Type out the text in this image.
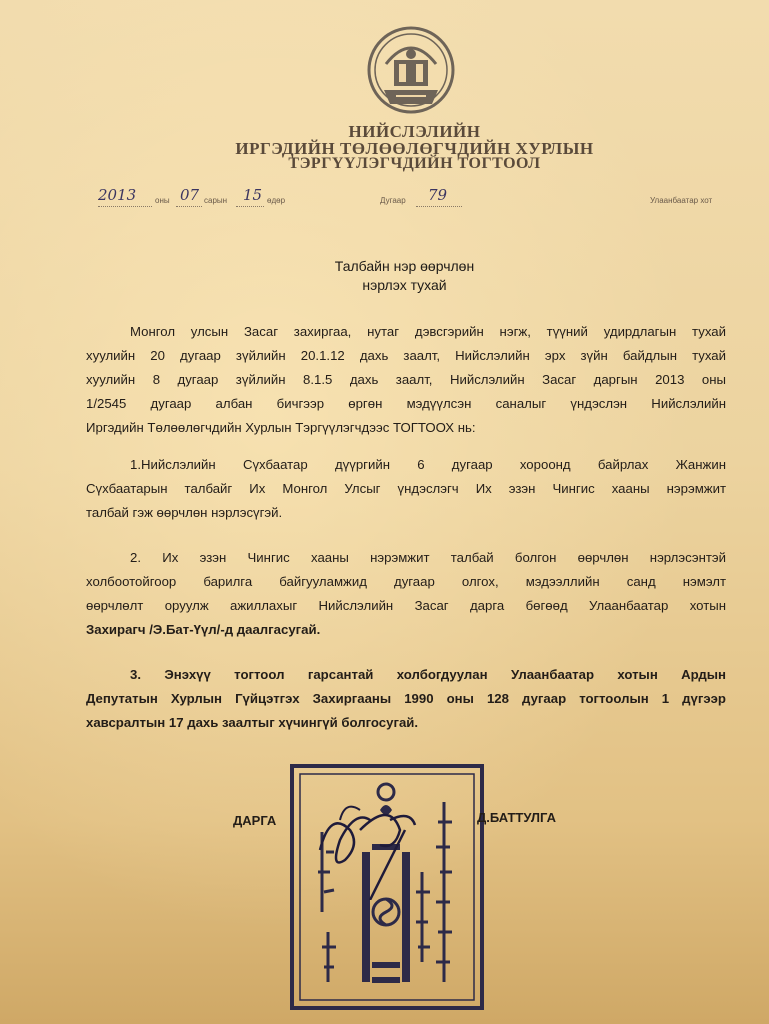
НИЙСЛЭЛИЙН
ИРГЭДИЙН ТӨЛӨӨЛӨГЧДИЙН ХУРЛЫН
ТЭРГҮҮЛЭГЧДИЙН ТОГТООЛ
2013 оны 07 сарын 15 өдөр	Дугаар 79	Улаанбаатар хот
Талбайн нэр өөрчлөн
нэрлэх тухай
Монгол улсын Засаг захиргаа, нутаг дэвсгэрийн нэгж, түүний удирдлагын тухай
хуулийн 20 дугаар зүйлийн 20.1.12 дахь заалт, Нийслэлийн эрх зүйн байдлын тухай
хуулийн 8 дугаар зүйлийн 8.1.5 дахь заалт, Нийслэлийн Засаг даргын 2013 оны
1/2545 дугаар албан бичгээр өргөн мэдүүлсэн саналыг үндэслэн Нийслэлийн
Иргэдийн Төлөөлөгчдийн Хурлын Тэргүүлэгчдээс ТОГТООХ нь:
1.Нийслэлийн Сүхбаатар дүүргийн 6 дугаар хороонд байрлах Жанжин
Сүхбаатарын талбайг Их Монгол Улсыг үндэслэгч Их эзэн Чингис хааны нэрэмжит
талбай гэж өөрчлөн нэрлэсүгэй.
2. Их эзэн Чингис хааны нэрэмжит талбай болгон өөрчлөн нэрлэсэнтэй
холбоотойгоор барилга байгууламжид дугаар олгох, мэдээллийн санд нэмэлт
өөрчлөлт оруулж ажиллахыг Нийслэлийн Засаг дарга бөгөөд Улаанбаатар хотын
Захирагч /Э.Бат-Үүл/-д даалгасугай.
3. Энэхүү тогтоол гарсантай холбогдуулан Улаанбаатар хотын Ардын
Депутатын Хурлын Гүйцэтгэх Захиргааны 1990 оны 128 дугаар тогтоолын 1 дүгээр
хавсралтын 17 дахь заалтыг хүчингүй болгосугай.
ДАРГА	Д.БАТТУЛГА
